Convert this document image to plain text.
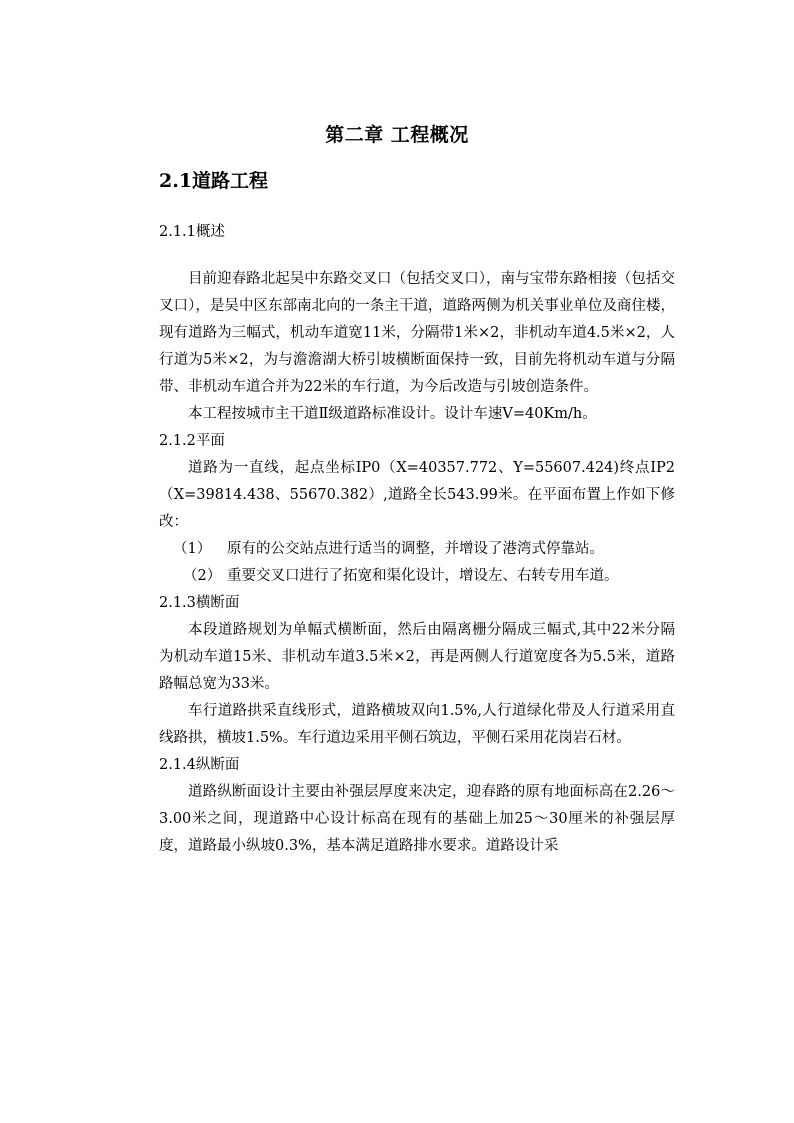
第二章 工程概况
2.1道路工程

2.1.1概述

目前迎春路北起吴中东路交叉口（包括交叉口），南与宝带东路相接（包括交叉口），是吴中区东部南北向的一条主干道，道路两侧为机关事业单位及商住楼，现有道路为三幅式，机动车道宽11米，分隔带1米×2，非机动车道4.5米×2，人行道为5米×2，为与澹澹湖大桥引坡横断面保持一致，目前先将机动车道与分隔带、非机动车道合并为22米的车行道，为今后改造与引坡创造条件。

本工程按城市主干道Ⅱ级道路标准设计。设计车速V=40Km/h。

2.1.2平面

道路为一直线，起点坐标IP0（X=40357.772、Y=55607.424)终点IP2（X=39814.438、55670.382）,道路全长543.99米。在平面布置上作如下修改：

（1） 原有的公交站点进行适当的调整，并增设了港湾式停靠站。

（2） 重要交叉口进行了拓宽和渠化设计，增设左、右转专用车道。

2.1.3横断面

本段道路规划为单幅式横断面，然后由隔离栅分隔成三幅式,其中22米分隔为机动车道15米、非机动车道3.5米×2，再是两侧人行道宽度各为5.5米，道路路幅总宽为33米。

车行道路拱采直线形式，道路横坡双向1.5%,人行道绿化带及人行道采用直线路拱，横坡1.5%。车行道边采用平侧石筑边，平侧石采用花岗岩石材。

2.1.4纵断面

道路纵断面设计主要由补强层厚度来决定，迎春路的原有地面标高在2.26～3.00米之间，现道路中心设计标高在现有的基础上加25～30厘米的补强层厚度，道路最小纵坡0.3%，基本满足道路排水要求。道路设计采
